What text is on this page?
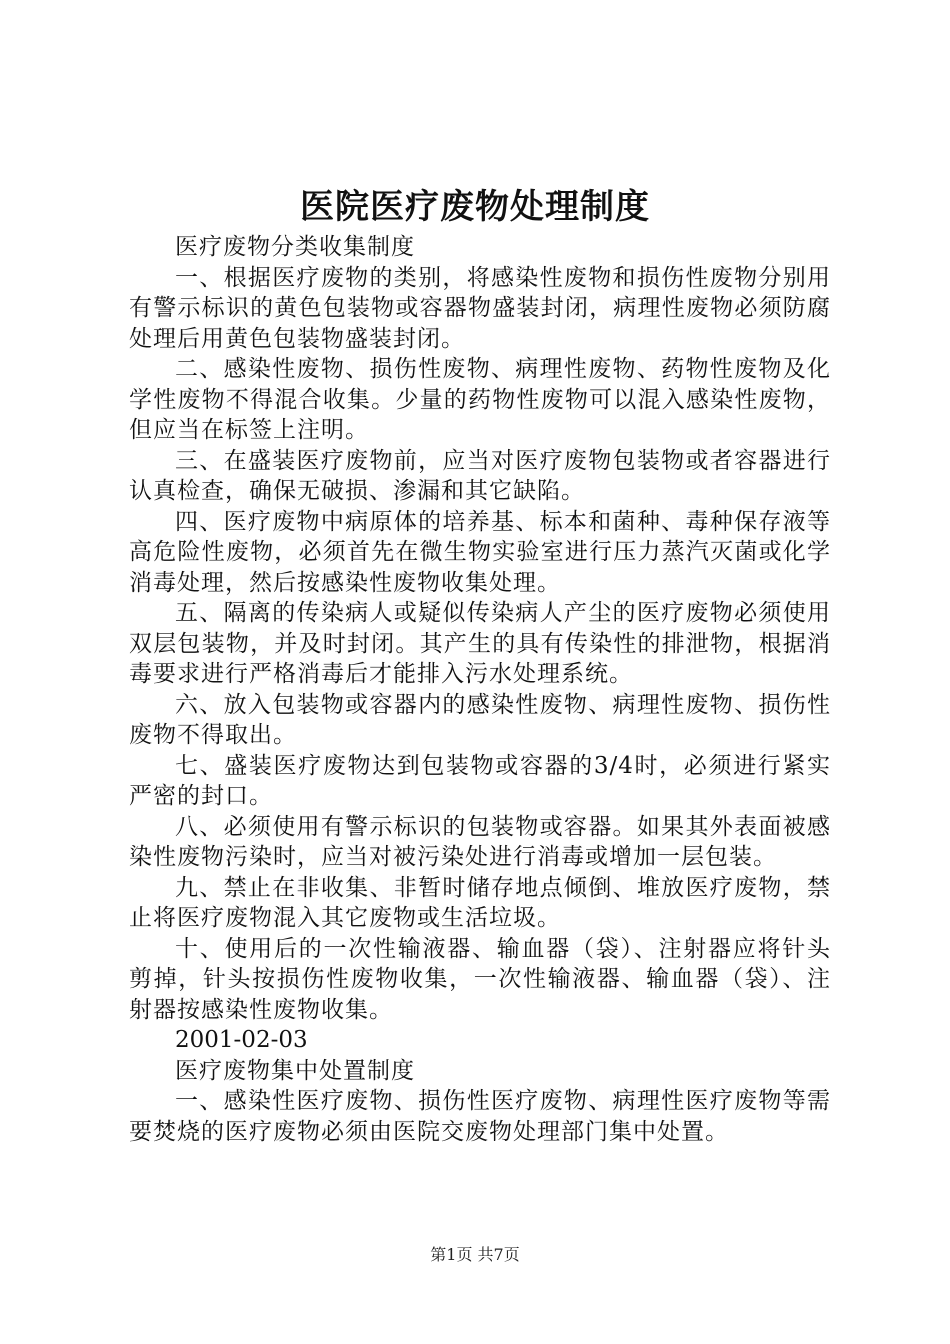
医院医疗废物处理制度

医疗废物分类收集制度

一、根据医疗废物的类别，将感染性废物和损伤性废物分别用有警示标识的黄色包装物或容器物盛装封闭，病理性废物必须防腐处理后用黄色包装物盛装封闭。

二、感染性废物、损伤性废物、病理性废物、药物性废物及化学性废物不得混合收集。少量的药物性废物可以混入感染性废物，但应当在标签上注明。

三、在盛装医疗废物前，应当对医疗废物包装物或者容器进行认真检查，确保无破损、渗漏和其它缺陷。

四、医疗废物中病原体的培养基、标本和菌种、毒种保存液等高危险性废物，必须首先在微生物实验室进行压力蒸汽灭菌或化学消毒处理，然后按感染性废物收集处理。

五、隔离的传染病人或疑似传染病人产尘的医疗废物必须使用双层包装物，并及时封闭。其产生的具有传染性的排泄物，根据消毒要求进行严格消毒后才能排入污水处理系统。

六、放入包装物或容器内的感染性废物、病理性废物、损伤性废物不得取出。

七、盛装医疗废物达到包装物或容器的3/4时，必须进行紧实严密的封口。

八、必须使用有警示标识的包装物或容器。如果其外表面被感染性废物污染时，应当对被污染处进行消毒或增加一层包装。

九、禁止在非收集、非暂时储存地点倾倒、堆放医疗废物，禁止将医疗废物混入其它废物或生活垃圾。

十、使用后的一次性输液器、输血器（袋）、注射器应将针头剪掉，针头按损伤性废物收集，一次性输液器、输血器（袋）、注射器按感染性废物收集。

2001-02-03

医疗废物集中处置制度

一、感染性医疗废物、损伤性医疗废物、病理性医疗废物等需要焚烧的医疗废物必须由医院交废物处理部门集中处置。

第1页 共7页
